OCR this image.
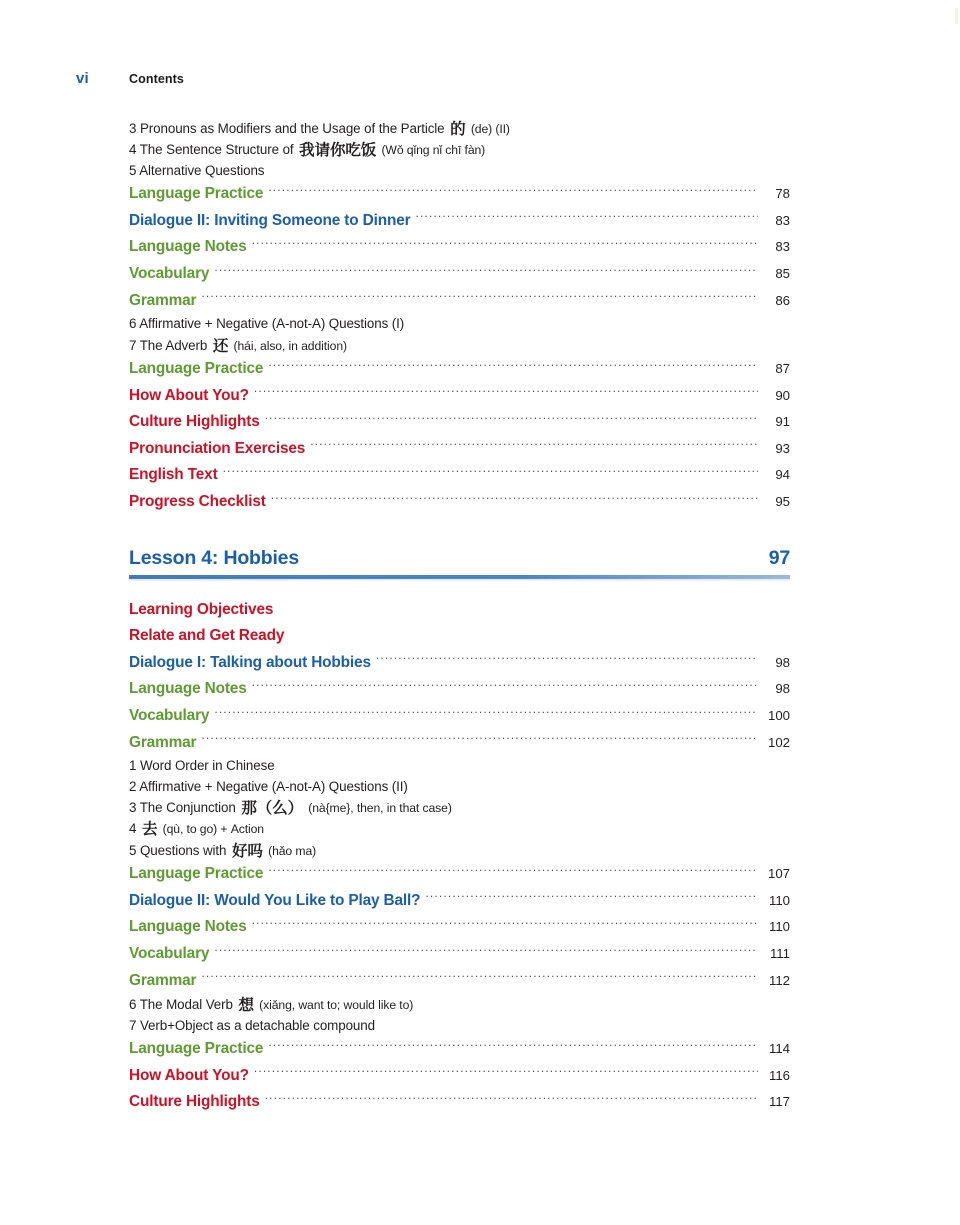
vi	Contents
3 Pronouns as Modifiers and the Usage of the Particle 的 (de) (II)
4 The Sentence Structure of 我请你吃饭 (Wǒ qǐng nǐ chī fàn)
5 Alternative Questions
Language Practice .....	78
Dialogue II: Inviting Someone to Dinner .....	83
Language Notes .....	83
Vocabulary .....	85
Grammar .....	86
6 Affirmative + Negative (A-not-A) Questions (I)
7 The Adverb 还 (hái, also, in addition)
Language Practice .....	87
How About You? .....	90
Culture Highlights .....	91
Pronunciation Exercises .....	93
English Text .....	94
Progress Checklist .....	95
Lesson 4: Hobbies	97
Learning Objectives
Relate and Get Ready
Dialogue I: Talking about Hobbies .....	98
Language Notes .....	98
Vocabulary .....	100
Grammar .....	102
1 Word Order in Chinese
2 Affirmative + Negative (A-not-A) Questions (II)
3 The Conjunction 那（么） (nà{me}, then, in that case)
4 去 (qù, to go) + Action
5 Questions with 好吗 (hǎo ma)
Language Practice .....	107
Dialogue II: Would You Like to Play Ball? .....	110
Language Notes .....	110
Vocabulary .....	111
Grammar .....	112
6 The Modal Verb 想 (xiǎng, want to; would like to)
7 Verb+Object as a detachable compound
Language Practice .....	114
How About You? .....	116
Culture Highlights .....	117
